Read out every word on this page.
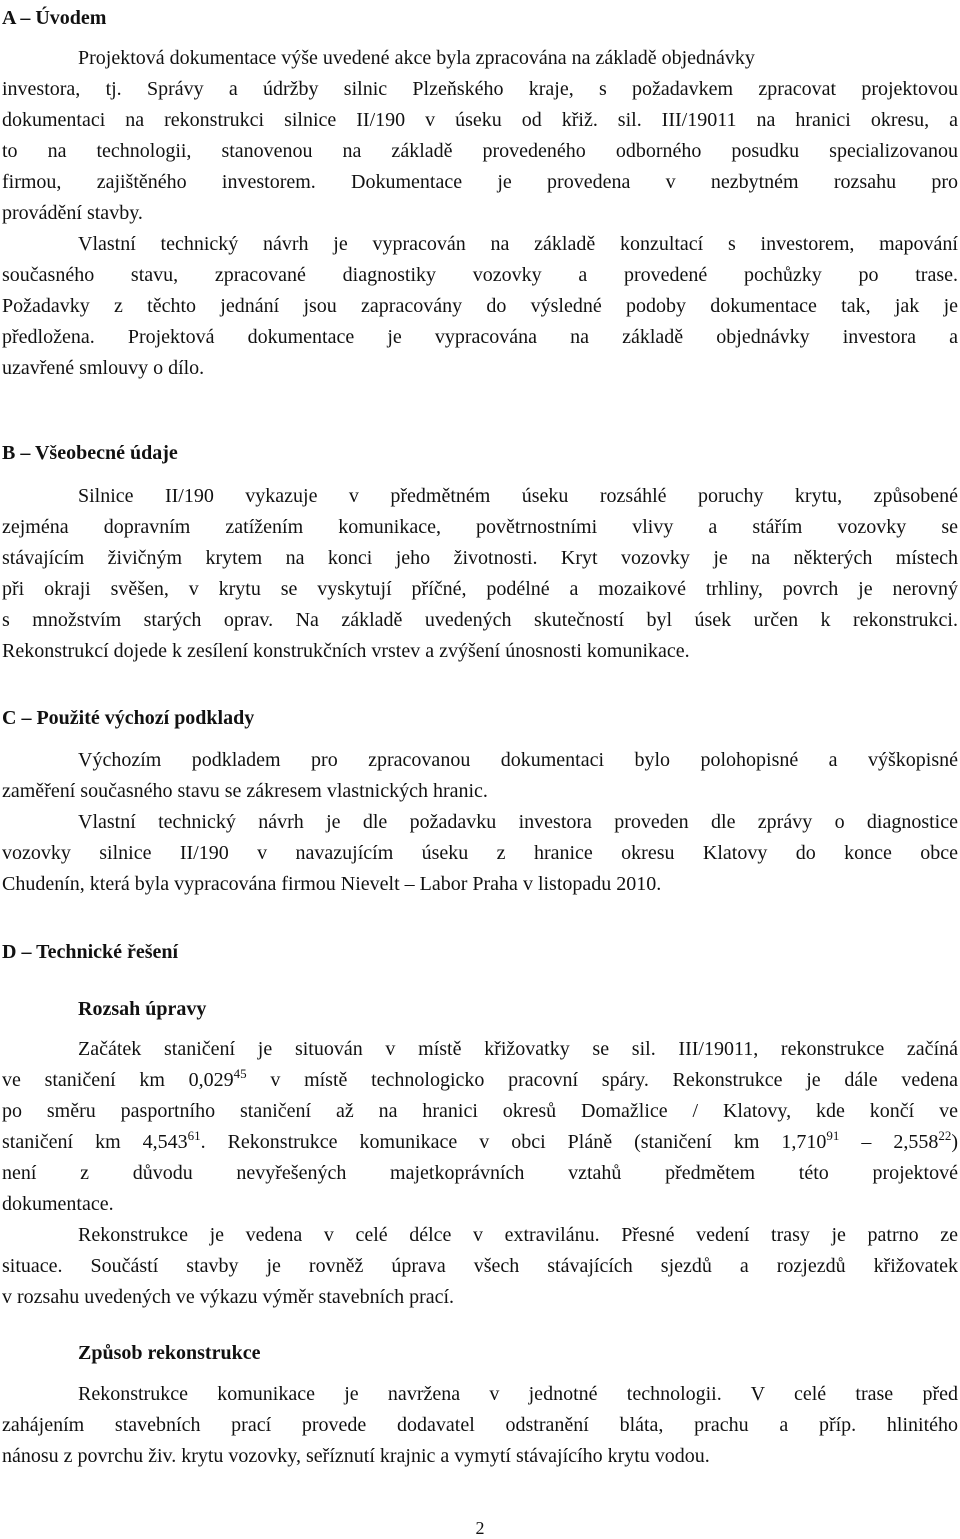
A – Úvodem
Projektová dokumentace výše uvedené akce byla zpracována na základě objednávky
investora, tj. Správy a údržby silnic Plzeňského kraje, s požadavkem zpracovat projektovou
dokumentaci na rekonstrukci silnice II/190 v úseku od křiž. sil. III/19011 na hranici okresu, a
to na technologii, stanovenou na základě provedeného odborného posudku specializovanou
firmou, zajištěného investorem. Dokumentace je provedena v nezbytném rozsahu pro
provádění stavby.
Vlastní technický návrh je vypracován na základě konzultací s investorem, mapování
současného stavu, zpracované diagnostiky vozovky a provedené pochůzky po trase.
Požadavky z těchto jednání jsou zapracovány do výsledné podoby dokumentace tak, jak je
předložena. Projektová dokumentace je vypracována na základě objednávky investora a
uzavřené smlouvy o dílo.
B – Všeobecné údaje
Silnice II/190 vykazuje v předmětném úseku rozsáhlé poruchy krytu, způsobené
zejména dopravním zatížením komunikace, povětrnostními vlivy a stářím vozovky se
stávajícím živičným krytem na konci jeho životnosti. Kryt vozovky je na některých místech
při okraji svěšen, v krytu se vyskytují příčné, podélné a mozaikové trhliny, povrch je nerovný
s množstvím starých oprav. Na základě uvedených skutečností byl úsek určen k rekonstrukci.
Rekonstrukcí dojede k zesílení konstrukčních vrstev a zvýšení únosnosti komunikace.
C – Použité výchozí podklady
Výchozím podkladem pro zpracovanou dokumentaci bylo polohopisné a výškopisné
zaměření současného stavu se zákresem vlastnických hranic.
Vlastní technický návrh je dle požadavku investora proveden dle zprávy o diagnostice
vozovky silnice II/190 v navazujícím úseku z hranice okresu Klatovy do konce obce
Chudenín, která byla vypracována firmou Nievelt – Labor Praha v listopadu 2010.
D – Technické řešení
Rozsah úpravy
Začátek staničení je situován v místě křižovatky se sil. III/19011, rekonstrukce začíná
ve staničení km 0,029$^{45}$ v místě technologicko pracovní spáry. Rekonstrukce je dále vedena
po směru pasportního staničení až na hranici okresů Domažlice / Klatovy, kde končí ve
staničení km 4,543$^{61}$. Rekonstrukce komunikace v obci Pláně (staničení km 1,710$^{91}$ – 2,558$^{22}$)
není z důvodu nevyřešených majetkoprávních vztahů předmětem této projektové
dokumentace.
Rekonstrukce je vedena v celé délce v extravilánu. Přesné vedení trasy je patrno ze
situace. Součástí stavby je rovněž úprava všech stávajících sjezdů a rozjezdů křižovatek
v rozsahu uvedených ve výkazu výměr stavebních prací.
Způsob rekonstrukce
Rekonstrukce komunikace je navržena v jednotné technologii. V celé trase před
zahájením stavebních prací provede dodavatel odstranění bláta, prachu a příp. hlinitého
nánosu z povrchu živ. krytu vozovky, seříznutí krajnic a vymytí stávajícího krytu vodou.
2
